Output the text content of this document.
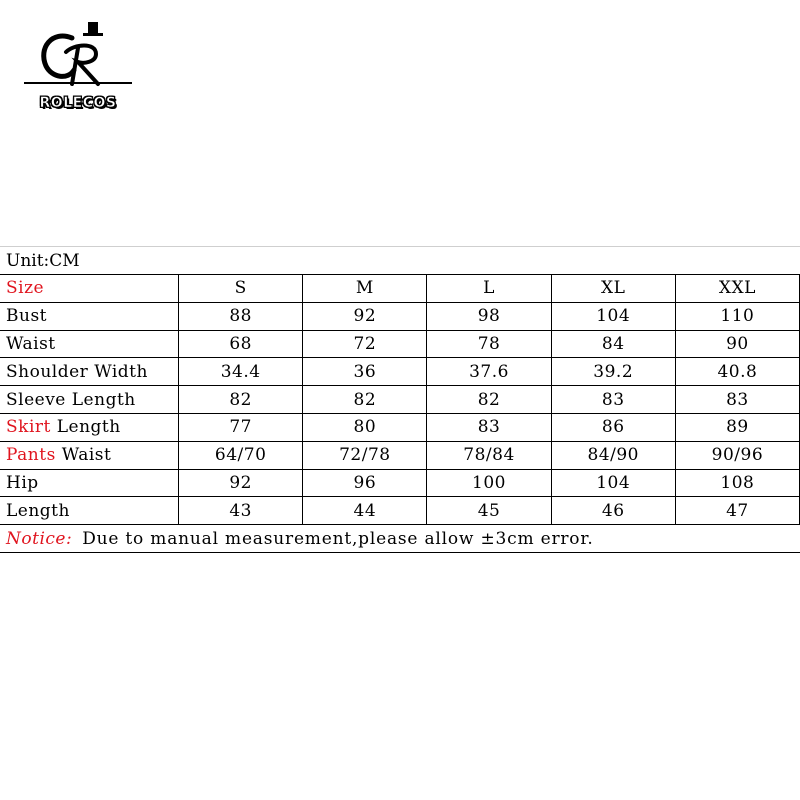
ROLECOS
Unit:CM
Size	S	M	L	XL	XXL
Bust	88	92	98	104	110
Waist	68	72	78	84	90
Shoulder Width	34.4	36	37.6	39.2	40.8
Sleeve Length	82	82	82	83	83
Skirt Length	77	80	83	86	89
Pants Waist	64/70	72/78	78/84	84/90	90/96
Hip	92	96	100	104	108
Length	43	44	45	46	47
Notice: Due to manual measurement,please allow ±3cm error.
